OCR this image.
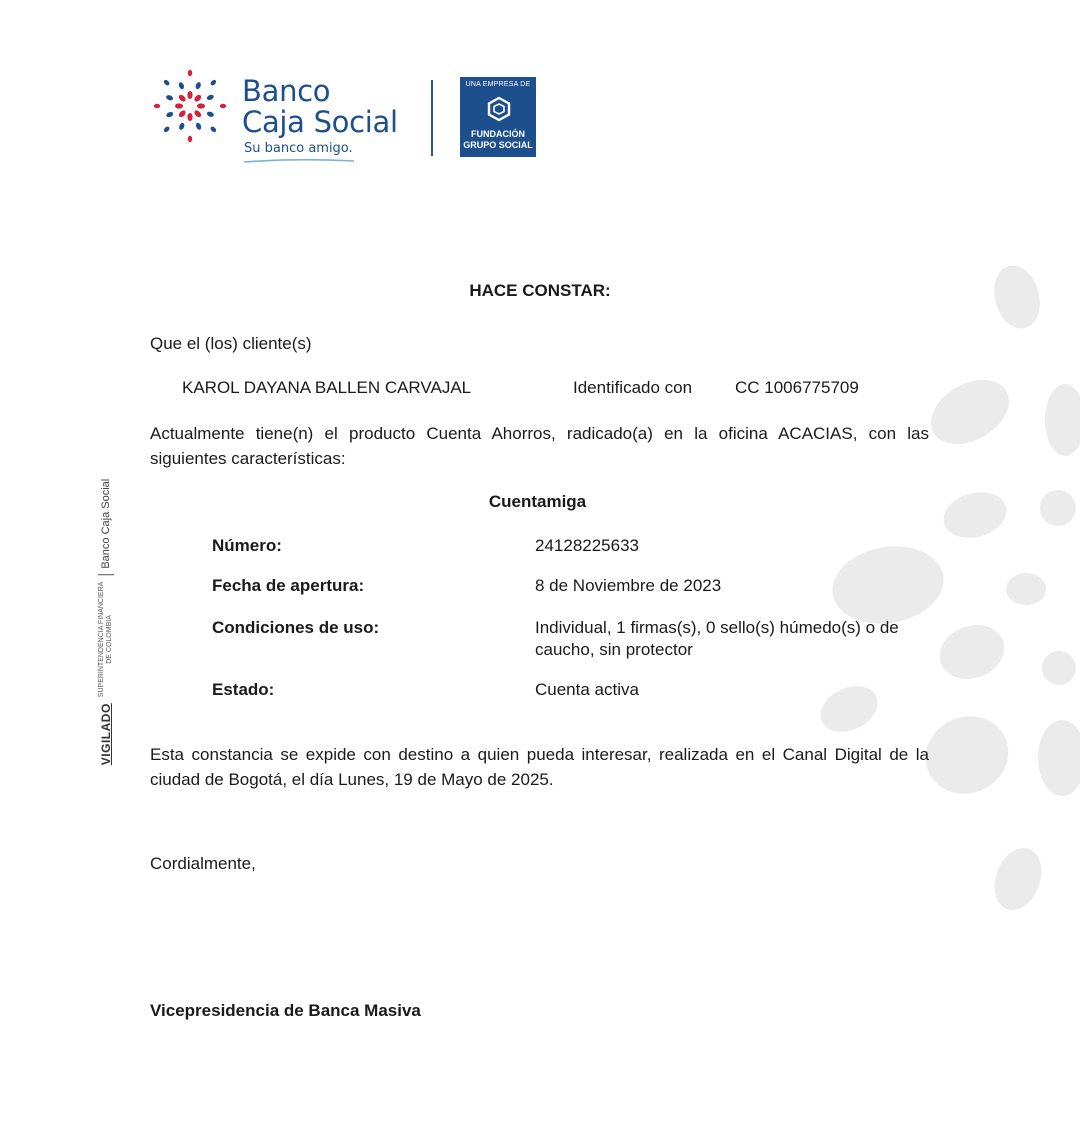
Banco
Caja Social
Su banco amigo.
UNA EMPRESA DE
FUNDACIÓN
GRUPO SOCIAL
VIGILADO
SUPERINTENDENCIA FINANCIERA
DE COLOMBIA
Banco Caja Social
HACE CONSTAR:
Que el (los) cliente(s)
KAROL DAYANA BALLEN CARVAJAL	Identificado con	CC 1006775709
Actualmente tiene(n) el producto Cuenta Ahorros, radicado(a) en la oficina ACACIAS, con las siguientes características:
Cuentamiga
Número:	24128225633
Fecha de apertura:	8 de Noviembre de 2023
Condiciones de uso:	Individual, 1 firmas(s), 0 sello(s) húmedo(s) o de caucho, sin protector
Estado:	Cuenta activa
Esta constancia se expide con destino a quien pueda interesar, realizada en el Canal Digital de la ciudad de Bogotá, el día Lunes, 19 de Mayo de 2025.
Cordialmente,
Vicepresidencia de Banca Masiva
